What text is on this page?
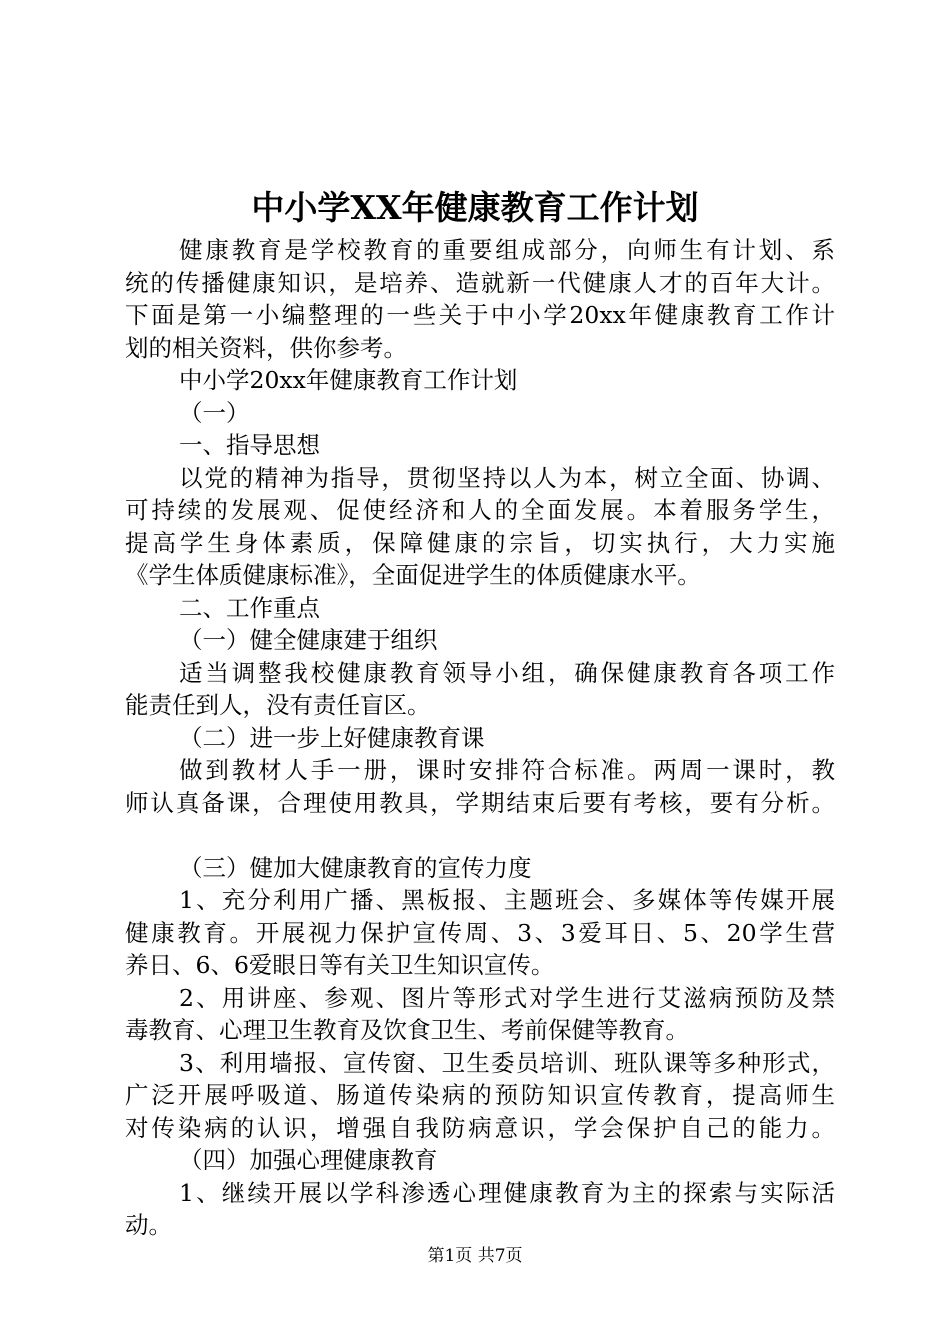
中小学XX年健康教育工作计划
健康教育是学校教育的重要组成部分，向师生有计划、系
统的传播健康知识，是培养、造就新一代健康人才的百年大计。
下面是第一小编整理的一些关于中小学20xx年健康教育工作计
划的相关资料，供你参考。
中小学20xx年健康教育工作计划
（一）
一、指导思想
以党的精神为指导，贯彻坚持以人为本，树立全面、协调、
可持续的发展观、促使经济和人的全面发展。本着服务学生，
提高学生身体素质，保障健康的宗旨，切实执行，大力实施
《学生体质健康标准》，全面促进学生的体质健康水平。
二、工作重点
（一）健全健康建于组织
适当调整我校健康教育领导小组，确保健康教育各项工作
能责任到人，没有责任盲区。
（二）进一步上好健康教育课
做到教材人手一册，课时安排符合标准。两周一课时，教
师认真备课，合理使用教具，学期结束后要有考核，要有分析。
（三）健加大健康教育的宣传力度
1、充分利用广播、黑板报、主题班会、多媒体等传媒开展
健康教育。开展视力保护宣传周、3、3爱耳日、5、20学生营
养日、6、6爱眼日等有关卫生知识宣传。
2、用讲座、参观、图片等形式对学生进行艾滋病预防及禁
毒教育、心理卫生教育及饮食卫生、考前保健等教育。
3、利用墙报、宣传窗、卫生委员培训、班队课等多种形式，
广泛开展呼吸道、肠道传染病的预防知识宣传教育，提高师生
对传染病的认识，增强自我防病意识，学会保护自己的能力。
（四）加强心理健康教育
1、继续开展以学科渗透心理健康教育为主的探索与实际活
动。
第1页 共7页
